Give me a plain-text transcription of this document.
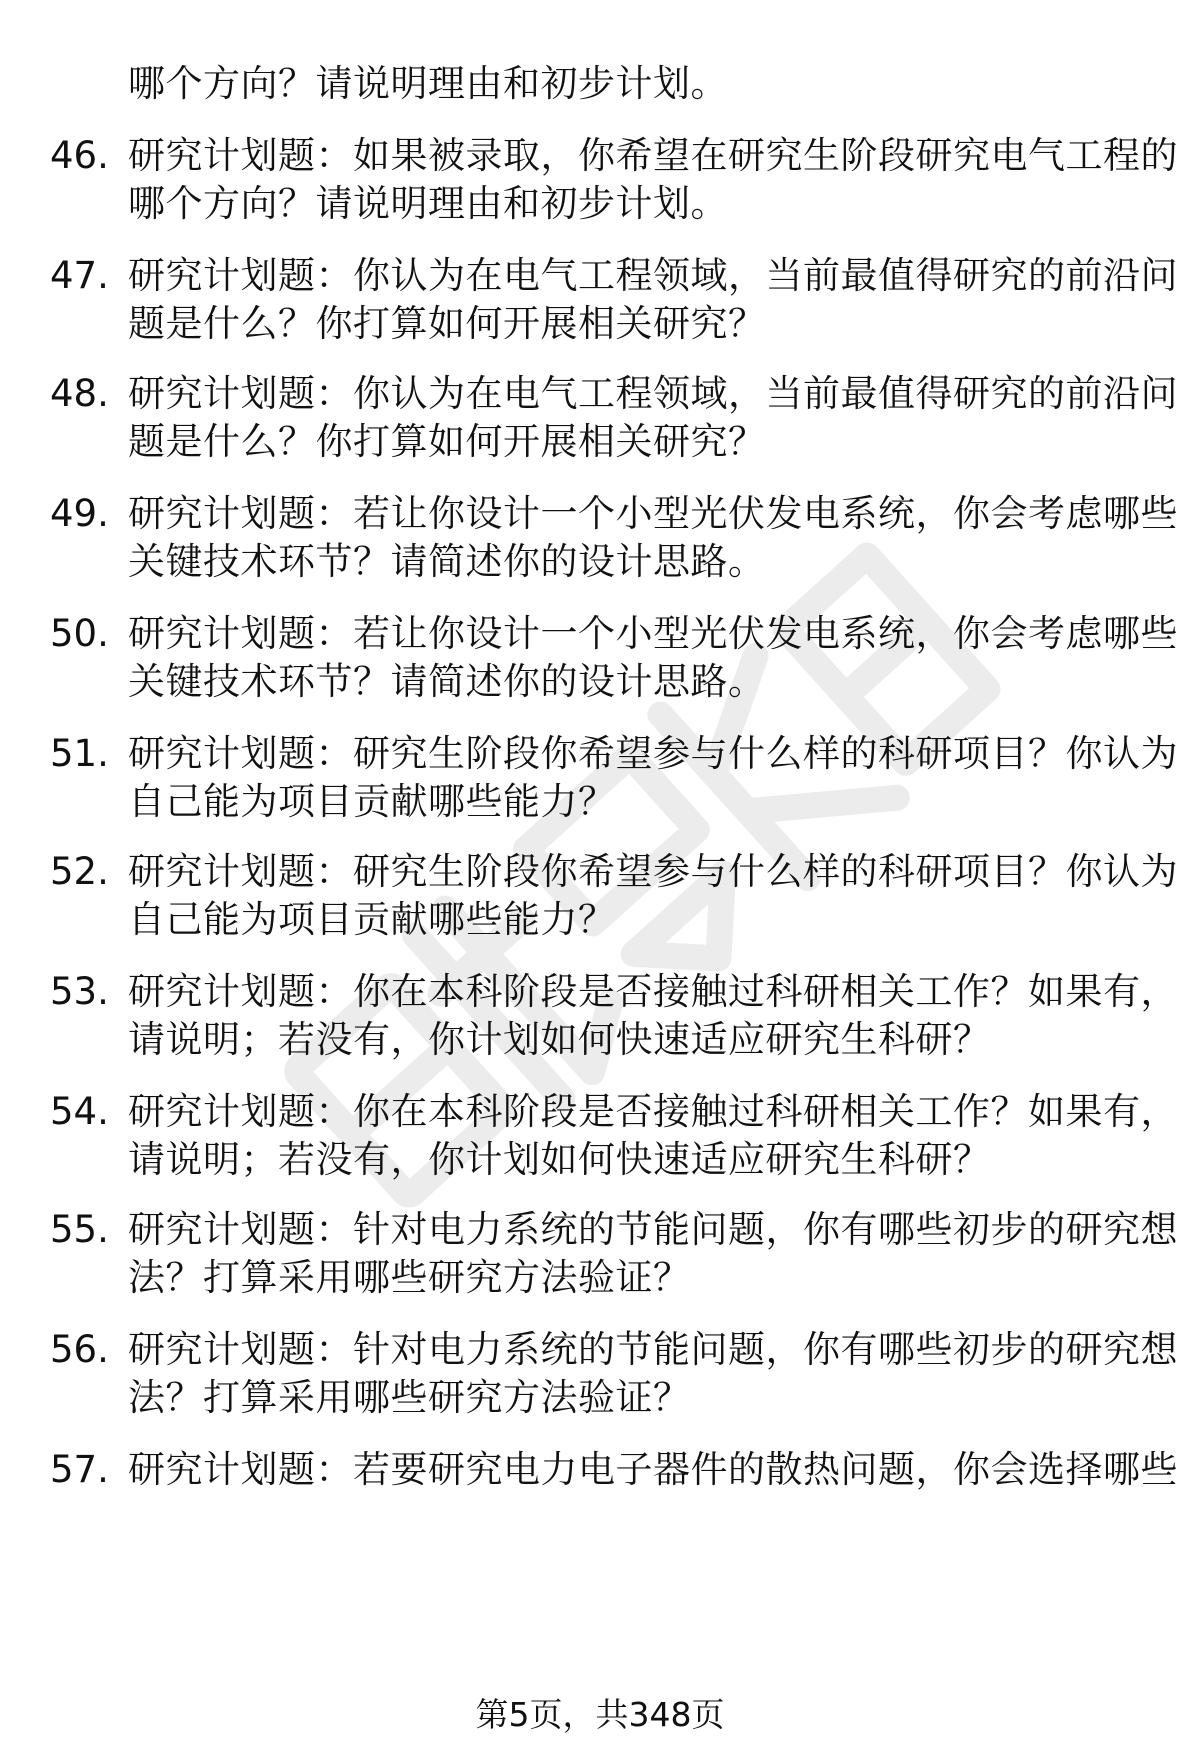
哪个方向？请说明理由和初步计划。
46. 研究计划题：如果被录取，你希望在研究生阶段研究电气工程的
哪个方向？请说明理由和初步计划。
47. 研究计划题：你认为在电气工程领域，当前最值得研究的前沿问
题是什么？你打算如何开展相关研究？
48. 研究计划题：你认为在电气工程领域，当前最值得研究的前沿问
题是什么？你打算如何开展相关研究？
49. 研究计划题：若让你设计一个小型光伏发电系统，你会考虑哪些
关键技术环节？请简述你的设计思路。
50. 研究计划题：若让你设计一个小型光伏发电系统，你会考虑哪些
关键技术环节？请简述你的设计思路。
51. 研究计划题：研究生阶段你希望参与什么样的科研项目？你认为
自己能为项目贡献哪些能力？
52. 研究计划题：研究生阶段你希望参与什么样的科研项目？你认为
自己能为项目贡献哪些能力？
53. 研究计划题：你在本科阶段是否接触过科研相关工作？如果有，
请说明；若没有，你计划如何快速适应研究生科研？
54. 研究计划题：你在本科阶段是否接触过科研相关工作？如果有，
请说明；若没有，你计划如何快速适应研究生科研？
55. 研究计划题：针对电力系统的节能问题，你有哪些初步的研究想
法？打算采用哪些研究方法验证？
56. 研究计划题：针对电力系统的节能问题，你有哪些初步的研究想
法？打算采用哪些研究方法验证？
57. 研究计划题：若要研究电力电子器件的散热问题，你会选择哪些
第5页，共348页
